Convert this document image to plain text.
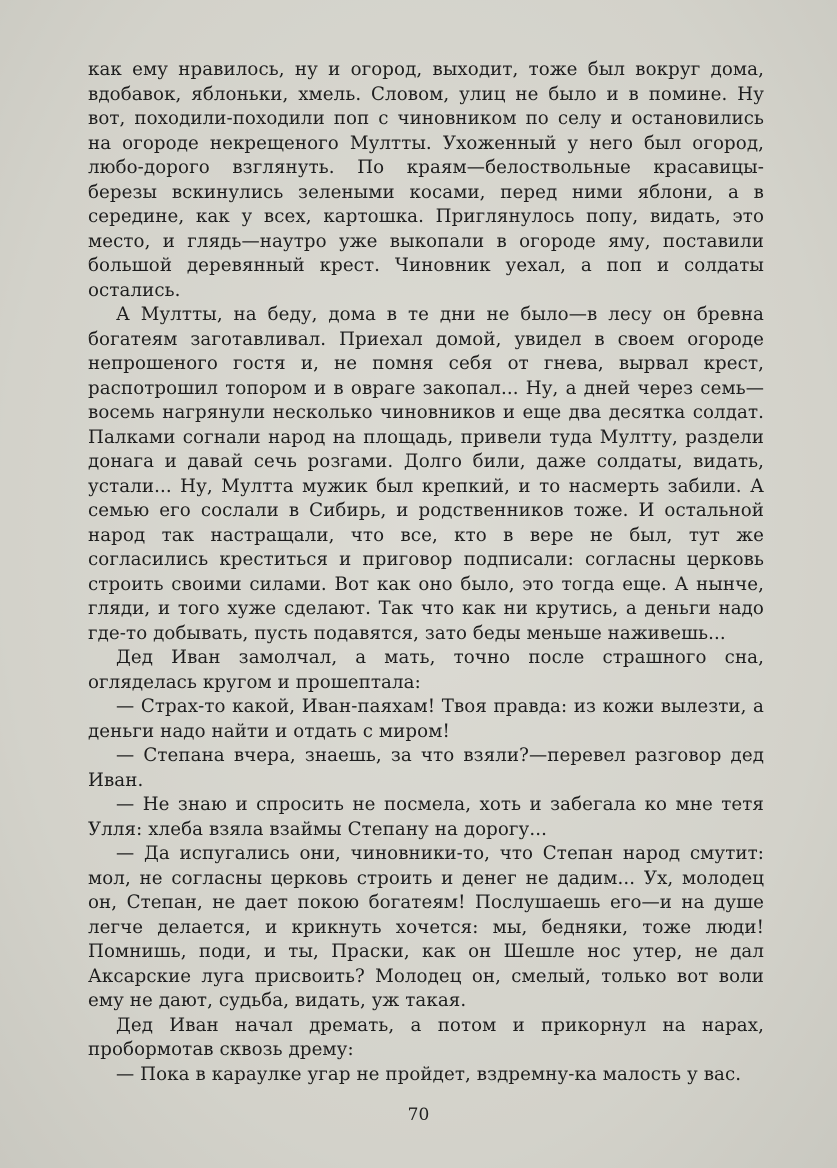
как ему нравилось, ну и огород, выходит, тоже был вокруг дома, вдобавок, яблоньки, хмель. Словом, улиц не было и в помине. Ну вот, походили-походили поп с чиновником по селу и остановились на огороде некрещеного Мултты. Ухоженный у него был огород, любо-дорого взглянуть. По краям—белоствольные красавицы-березы вскинулись зелеными косами, перед ними яблони, а в середине, как у всех, картошка. Приглянулось попу, видать, это место, и глядь—наутро уже выкопали в огороде яму, поставили большой деревянный крест. Чиновник уехал, а поп и солдаты остались.

А Мултты, на беду, дома в те дни не было—в лесу он бревна богатеям заготавливал. Приехал домой, увидел в своем огороде непрошеного гостя и, не помня себя от гнева, вырвал крест, распотрошил топором и в овраге закопал... Ну, а дней через семь—восемь нагрянули несколько чиновников и еще два десятка солдат. Палками согнали народ на площадь, привели туда Мултту, раздели донага и давай сечь розгами. Долго били, даже солдаты, видать, устали... Ну, Мултта мужик был крепкий, и то насмерть забили. А семью его сослали в Сибирь, и родственников тоже. И остальной народ так настращали, что все, кто в вере не был, тут же согласились креститься и приговор подписали: согласны церковь строить своими силами. Вот как оно было, это тогда еще. А нынче, гляди, и того хуже сделают. Так что как ни крутись, а деньги надо где-то добывать, пусть подавятся, зато беды меньше наживешь...

Дед Иван замолчал, а мать, точно после страшного сна, огляделась кругом и прошептала:

— Страх-то какой, Иван-паяхам! Твоя правда: из кожи вылезти, а деньги надо найти и отдать с миром!

— Степана вчера, знаешь, за что взяли?—перевел разговор дед Иван.

— Не знаю и спросить не посмела, хоть и забегала ко мне тетя Улля: хлеба взяла взаймы Степану на дорогу...

— Да испугались они, чиновники-то, что Степан народ смутит: мол, не согласны церковь строить и денег не дадим... Ух, молодец он, Степан, не дает покою богатеям! Послушаешь его—и на душе легче делается, и крикнуть хочется: мы, бедняки, тоже люди! Помнишь, поди, и ты, Праски, как он Шешле нос утер, не дал Аксарские луга присвоить? Молодец он, смелый, только вот воли ему не дают, судьба, видать, уж такая.

Дед Иван начал дремать, а потом и прикорнул на нарах, пробормотав сквозь дрему:

— Пока в караулке угар не пройдет, вздремну-ка малость у вас.

70
